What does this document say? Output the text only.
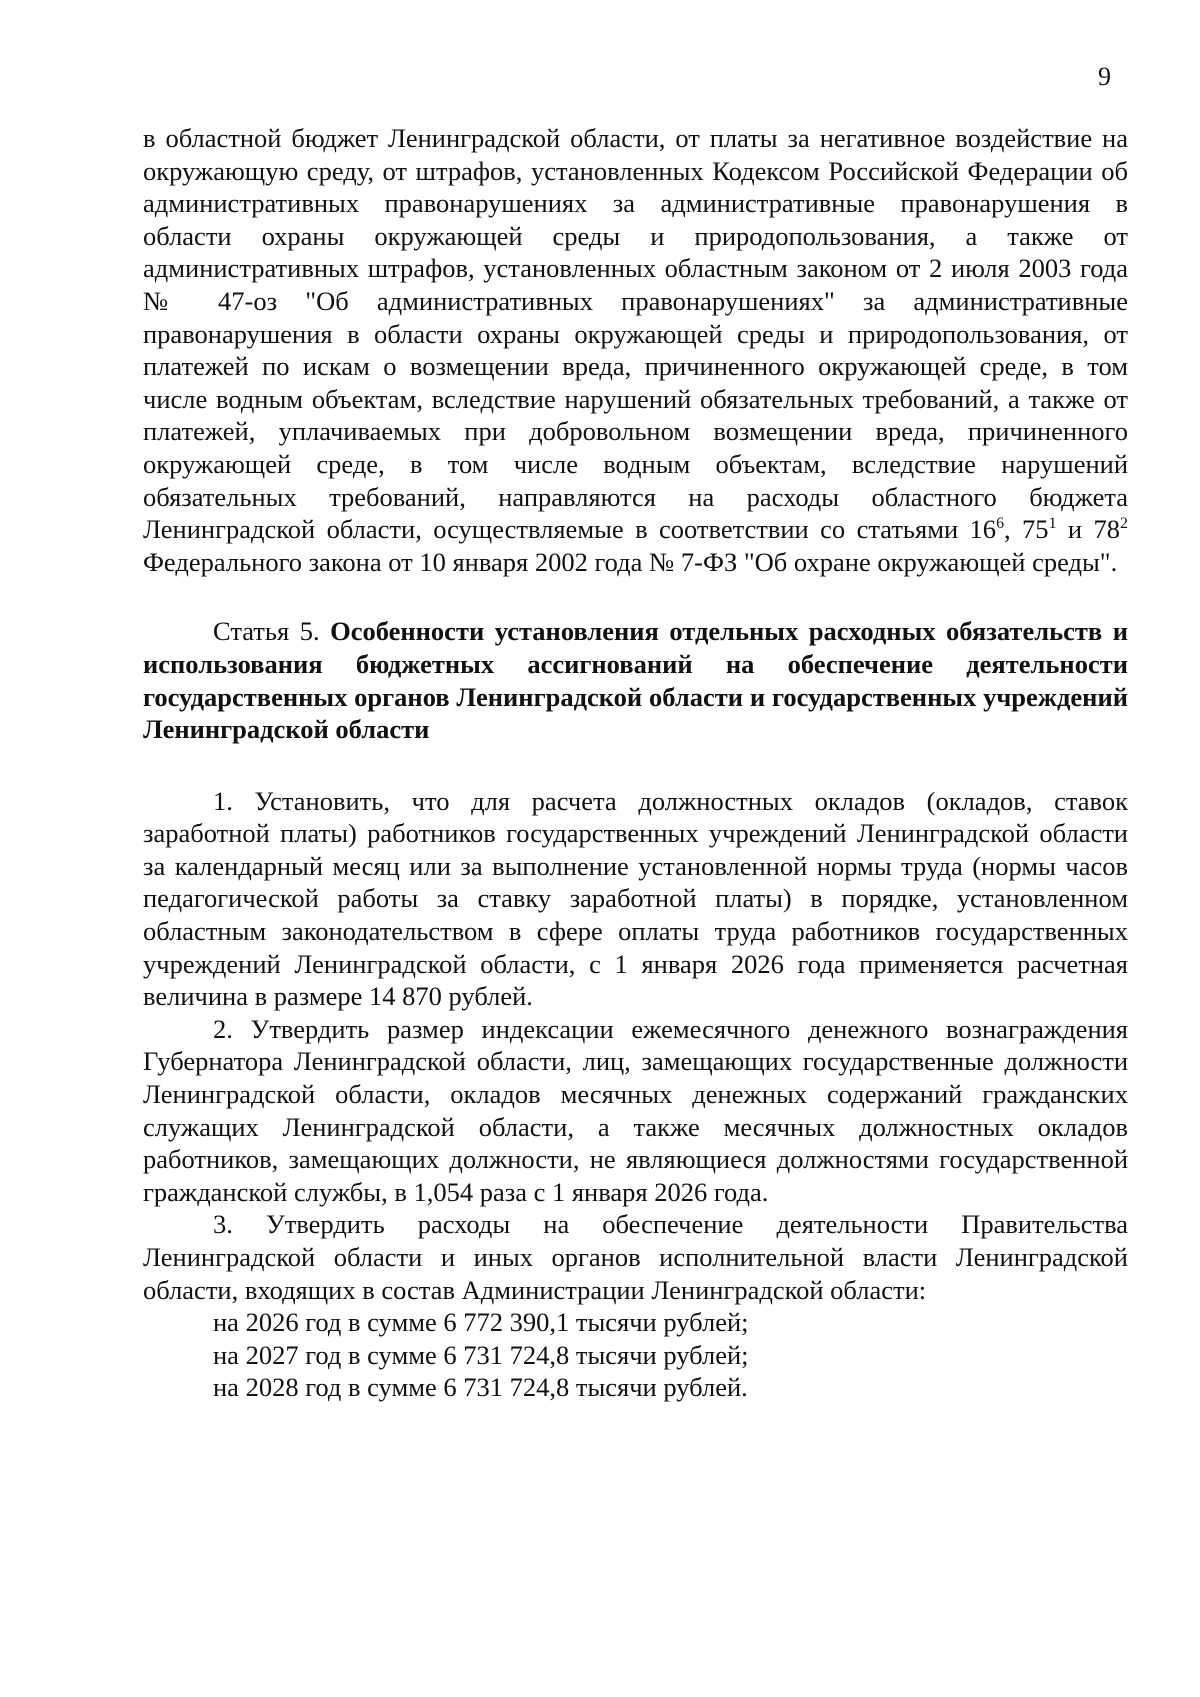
9

в областной бюджет Ленинградской области, от платы за негативное воздействие на окружающую среду, от штрафов, установленных Кодексом Российской Федерации об административных правонарушениях за административные правонарушения в области охраны окружающей среды и природопользования, а также от административных штрафов, установленных областным законом от 2 июля 2003 года № 47-оз "Об административных правонарушениях" за административные правонарушения в области охраны окружающей среды и природопользования, от платежей по искам о возмещении вреда, причиненного окружающей среде, в том числе водным объектам, вследствие нарушений обязательных требований, а также от платежей, уплачиваемых при добровольном возмещении вреда, причиненного окружающей среде, в том числе водным объектам, вследствие нарушений обязательных требований, направляются на расходы областного бюджета Ленинградской области, осуществляемые в соответствии со статьями $16^6$, $75^1$ и $78^2$ Федерального закона от 10 января 2002 года № 7-ФЗ "Об охране окружающей среды".

Статья 5. Особенности установления отдельных расходных обязательств и использования бюджетных ассигнований на обеспечение деятельности государственных органов Ленинградской области и государственных учреждений Ленинградской области

1. Установить, что для расчета должностных окладов (окладов, ставок заработной платы) работников государственных учреждений Ленинградской области за календарный месяц или за выполнение установленной нормы труда (нормы часов педагогической работы за ставку заработной платы) в порядке, установленном областным законодательством в сфере оплаты труда работников государственных учреждений Ленинградской области, с 1 января 2026 года применяется расчетная величина в размере 14 870 рублей.

2. Утвердить размер индексации ежемесячного денежного вознаграждения Губернатора Ленинградской области, лиц, замещающих государственные должности Ленинградской области, окладов месячных денежных содержаний гражданских служащих Ленинградской области, а также месячных должностных окладов работников, замещающих должности, не являющиеся должностями государственной гражданской службы, в 1,054 раза с 1 января 2026 года.

3. Утвердить расходы на обеспечение деятельности Правительства Ленинградской области и иных органов исполнительной власти Ленинградской области, входящих в состав Администрации Ленинградской области:

на 2026 год в сумме 6 772 390,1 тысячи рублей;

на 2027 год в сумме 6 731 724,8 тысячи рублей;

на 2028 год в сумме 6 731 724,8 тысячи рублей.
